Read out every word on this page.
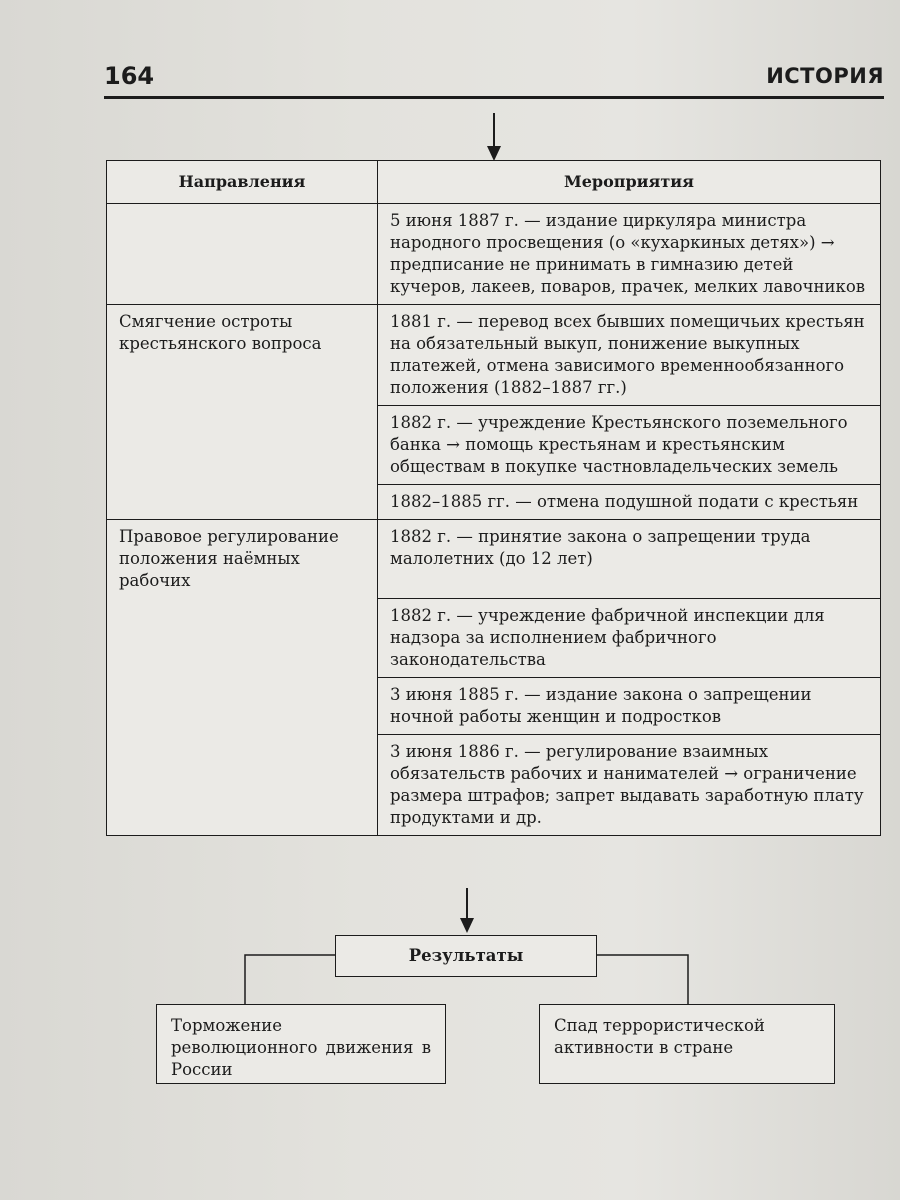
164	ИСТОРИЯ
Направления	Мероприятия
	5 июня 1887 г. — издание циркуляра министра народного просвещения (о «кухаркиных детях») → предписание не принимать в гимназию детей кучеров, лакеев, поваров, прачек, мелких лавочников
Смягчение остроты крестьянского вопроса	1881 г. — перевод всех бывших помещичьих крестьян на обязательный выкуп, понижение выкупных платежей, отмена зависимого временнообязанного положения (1882–1887 гг.)
	1882 г. — учреждение Крестьянского поземельного банка → помощь крестьянам и крестьянским обществам в покупке частновладельческих земель
	1882–1885 гг. — отмена подушной подати с крестьян
Правовое регулирование положения наёмных рабочих	1882 г. — принятие закона о запрещении труда малолетних (до 12 лет)
	1882 г. — учреждение фабричной инспекции для надзора за исполнением фабричного законодательства
	3 июня 1885 г. — издание закона о запрещении ночной работы женщин и подростков
	3 июня 1886 г. — регулирование взаимных обязательств рабочих и нанимателей → ограничение размера штрафов; запрет выдавать заработную плату продуктами и др.
Результаты
Торможение революционного движения в России
Спад террористической активности в стране
